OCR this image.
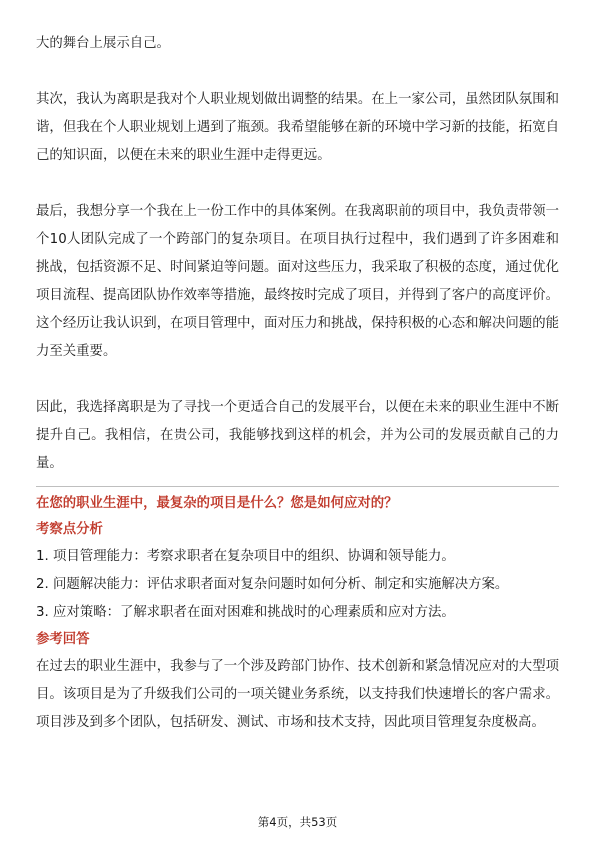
大的舞台上展示自己。

其次，我认为离职是我对个人职业规划做出调整的结果。在上一家公司，虽然团队氛围和谐，但我在个人职业规划上遇到了瓶颈。我希望能够在新的环境中学习新的技能，拓宽自己的知识面，以便在未来的职业生涯中走得更远。

最后，我想分享一个我在上一份工作中的具体案例。在我离职前的项目中，我负责带领一个10人团队完成了一个跨部门的复杂项目。在项目执行过程中，我们遇到了许多困难和挑战，包括资源不足、时间紧迫等问题。面对这些压力，我采取了积极的态度，通过优化项目流程、提高团队协作效率等措施，最终按时完成了项目，并得到了客户的高度评价。这个经历让我认识到，在项目管理中，面对压力和挑战，保持积极的心态和解决问题的能力至关重要。

因此，我选择离职是为了寻找一个更适合自己的发展平台，以便在未来的职业生涯中不断提升自己。我相信，在贵公司，我能够找到这样的机会，并为公司的发展贡献自己的力量。

在您的职业生涯中，最复杂的项目是什么？您是如何应对的？

考察点分析

1. 项目管理能力：考察求职者在复杂项目中的组织、协调和领导能力。
2. 问题解决能力：评估求职者面对复杂问题时如何分析、制定和实施解决方案。
3. 应对策略：了解求职者在面对困难和挑战时的心理素质和应对方法。

参考回答

在过去的职业生涯中，我参与了一个涉及跨部门协作、技术创新和紧急情况应对的大型项目。该项目是为了升级我们公司的一项关键业务系统，以支持我们快速增长的客户需求。项目涉及到多个团队，包括研发、测试、市场和技术支持，因此项目管理复杂度极高。

第4页，共53页
